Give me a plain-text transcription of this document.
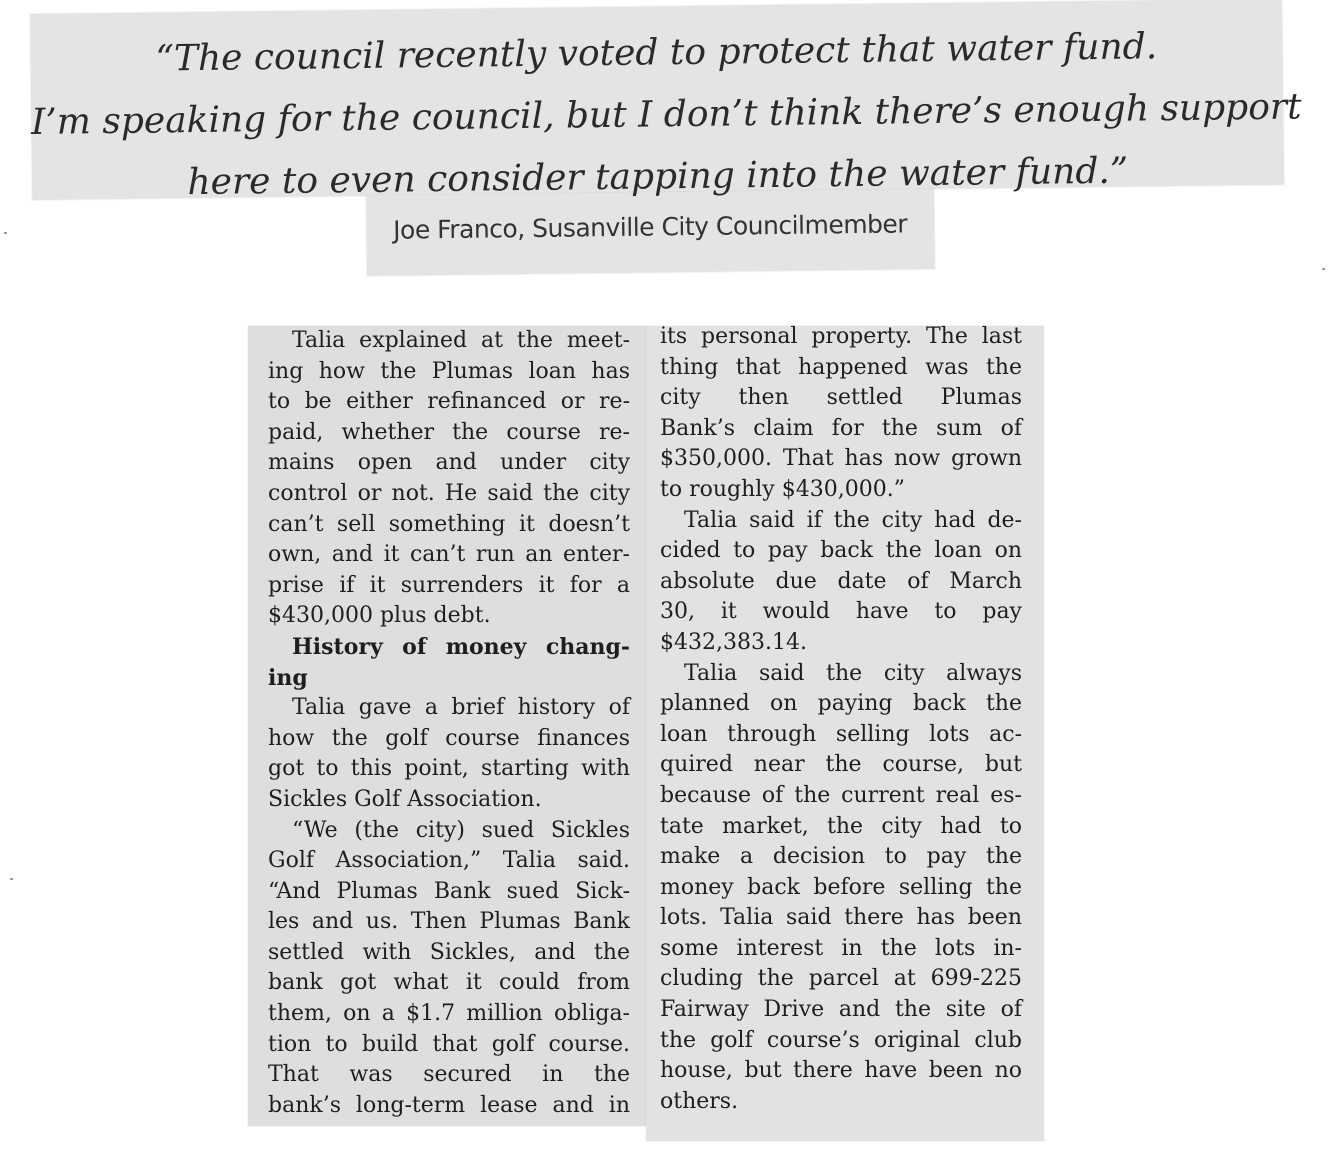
“The council recently voted to protect that water fund.
I’m speaking for the council, but I don’t think there’s enough support
here to even consider tapping into the water fund.”
Joe Franco, Susanville City Councilmember
Talia explained at the meet-
ing how the Plumas loan has
to be either refinanced or re-
paid, whether the course re-
mains open and under city
control or not. He said the city
can’t sell something it doesn’t
own, and it can’t run an enter-
prise if it surrenders it for a
$430,000 plus debt.
History of money chang-
ing
Talia gave a brief history of
how the golf course finances
got to this point, starting with
Sickles Golf Association.
“We (the city) sued Sickles
Golf Association,” Talia said.
“And Plumas Bank sued Sick-
les and us. Then Plumas Bank
settled with Sickles, and the
bank got what it could from
them, on a $1.7 million obliga-
tion to build that golf course.
That was secured in the
bank’s long-term lease and in
its personal property. The last
thing that happened was the
city then settled Plumas
Bank’s claim for the sum of
$350,000. That has now grown
to roughly $430,000.”
Talia said if the city had de-
cided to pay back the loan on
absolute due date of March
30, it would have to pay
$432,383.14.
Talia said the city always
planned on paying back the
loan through selling lots ac-
quired near the course, but
because of the current real es-
tate market, the city had to
make a decision to pay the
money back before selling the
lots. Talia said there has been
some interest in the lots in-
cluding the parcel at 699-225
Fairway Drive and the site of
the golf course’s original club
house, but there have been no
others.
